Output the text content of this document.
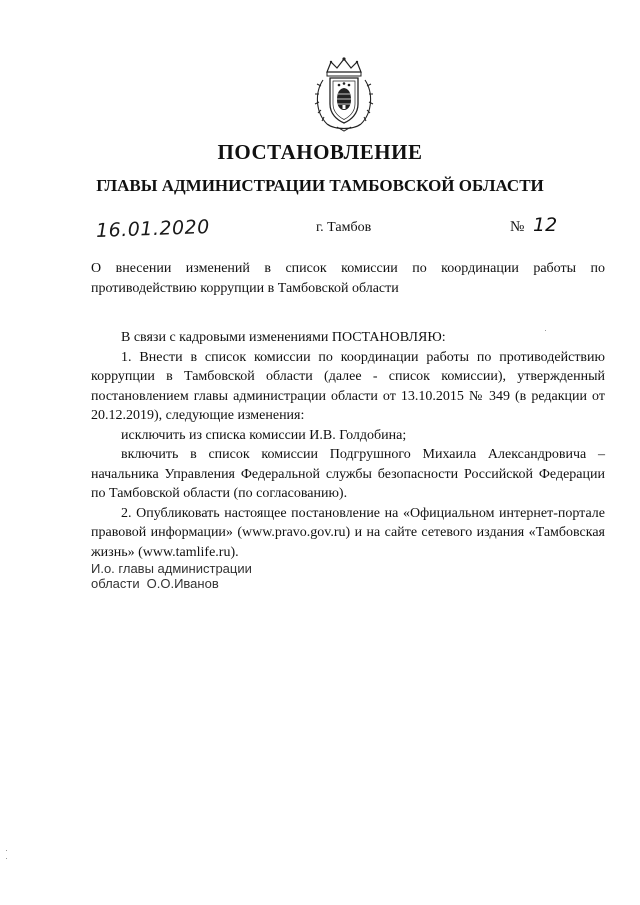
ПОСТАНОВЛЕНИЕ
ГЛАВЫ АДМИНИСТРАЦИИ ТАМБОВСКОЙ ОБЛАСТИ
16.01.2020	г. Тамбов	№ 12

О внесении изменений в список комиссии по координации работы по противодействию коррупции в Тамбовской области

В связи с кадровыми изменениями ПОСТАНОВЛЯЮ:

1. Внести в список комиссии по координации работы по противодействию коррупции в Тамбовской области (далее - список комиссии), утвержденный постановлением главы администрации области от 13.10.2015 № 349 (в редакции от 20.12.2019), следующие изменения:

исключить из списка комиссии И.В. Голдобина;

включить в список комиссии Подгрушного Михаила Александровича – начальника Управления Федеральной службы безопасности Российской Федерации по Тамбовской области (по согласованию).

2. Опубликовать настоящее постановление на «Официальном интернет-портале правовой информации» (www.pravo.gov.ru) и на сайте сетевого издания «Тамбовская жизнь» (www.tamlife.ru).

И.о. главы администрации
области О.О.Иванов
